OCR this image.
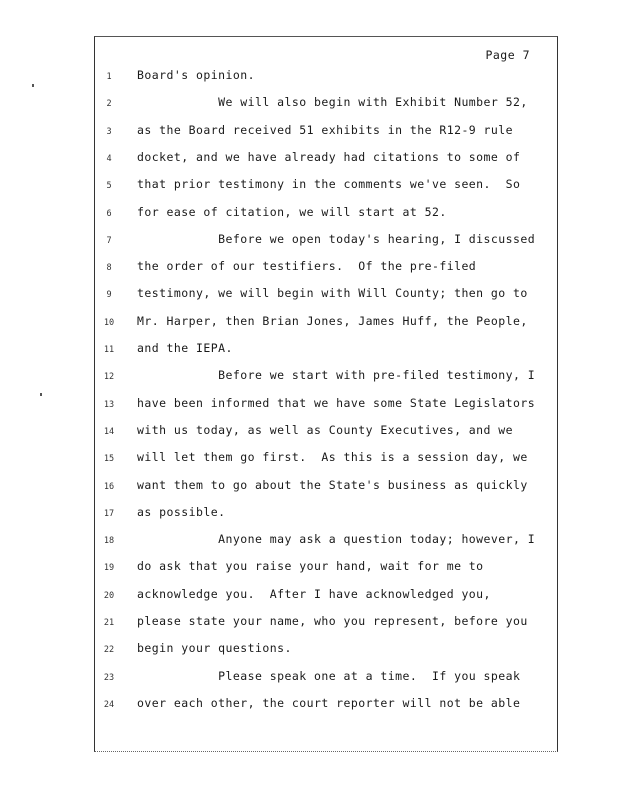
Page 7
1	Board's opinion.
2	We will also begin with Exhibit Number 52,
3	as the Board received 51 exhibits in the R12-9 rule
4	docket, and we have already had citations to some of
5	that prior testimony in the comments we've seen.  So
6	for ease of citation, we will start at 52.
7	Before we open today's hearing, I discussed
8	the order of our testifiers.  Of the pre-filed
9	testimony, we will begin with Will County; then go to
10	Mr. Harper, then Brian Jones, James Huff, the People,
11	and the IEPA.
12	Before we start with pre-filed testimony, I
13	have been informed that we have some State Legislators
14	with us today, as well as County Executives, and we
15	will let them go first.  As this is a session day, we
16	want them to go about the State's business as quickly
17	as possible.
18	Anyone may ask a question today; however, I
19	do ask that you raise your hand, wait for me to
20	acknowledge you.  After I have acknowledged you,
21	please state your name, who you represent, before you
22	begin your questions.
23	Please speak one at a time.  If you speak
24	over each other, the court reporter will not be able
